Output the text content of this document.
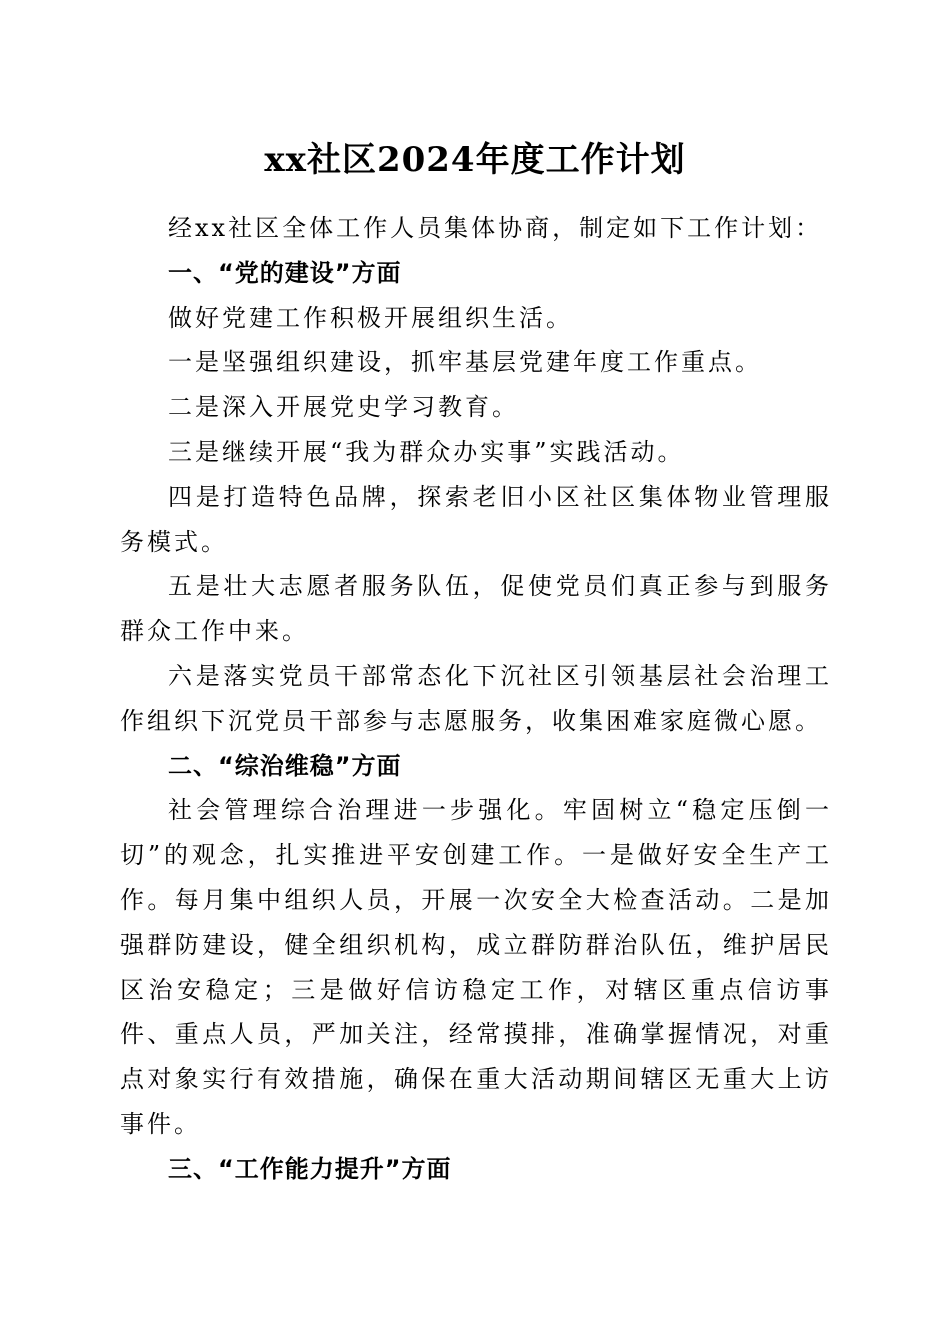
xx社区2024年度工作计划

经xx社区全体工作人员集体协商，制定如下工作计划：

一、“党的建设”方面

做好党建工作积极开展组织生活。

一是坚强组织建设，抓牢基层党建年度工作重点。

二是深入开展党史学习教育。

三是继续开展“我为群众办实事”实践活动。

四是打造特色品牌，探索老旧小区社区集体物业管理服务模式。

五是壮大志愿者服务队伍，促使党员们真正参与到服务群众工作中来。

六是落实党员干部常态化下沉社区引领基层社会治理工作组织下沉党员干部参与志愿服务，收集困难家庭微心愿。

二、“综治维稳”方面

社会管理综合治理进一步强化。牢固树立“稳定压倒一切”的观念，扎实推进平安创建工作。一是做好安全生产工作。每月集中组织人员，开展一次安全大检查活动。二是加强群防建设，健全组织机构，成立群防群治队伍，维护居民区治安稳定；三是做好信访稳定工作，对辖区重点信访事件、重点人员，严加关注，经常摸排，准确掌握情况，对重点对象实行有效措施，确保在重大活动期间辖区无重大上访事件。

三、“工作能力提升”方面
